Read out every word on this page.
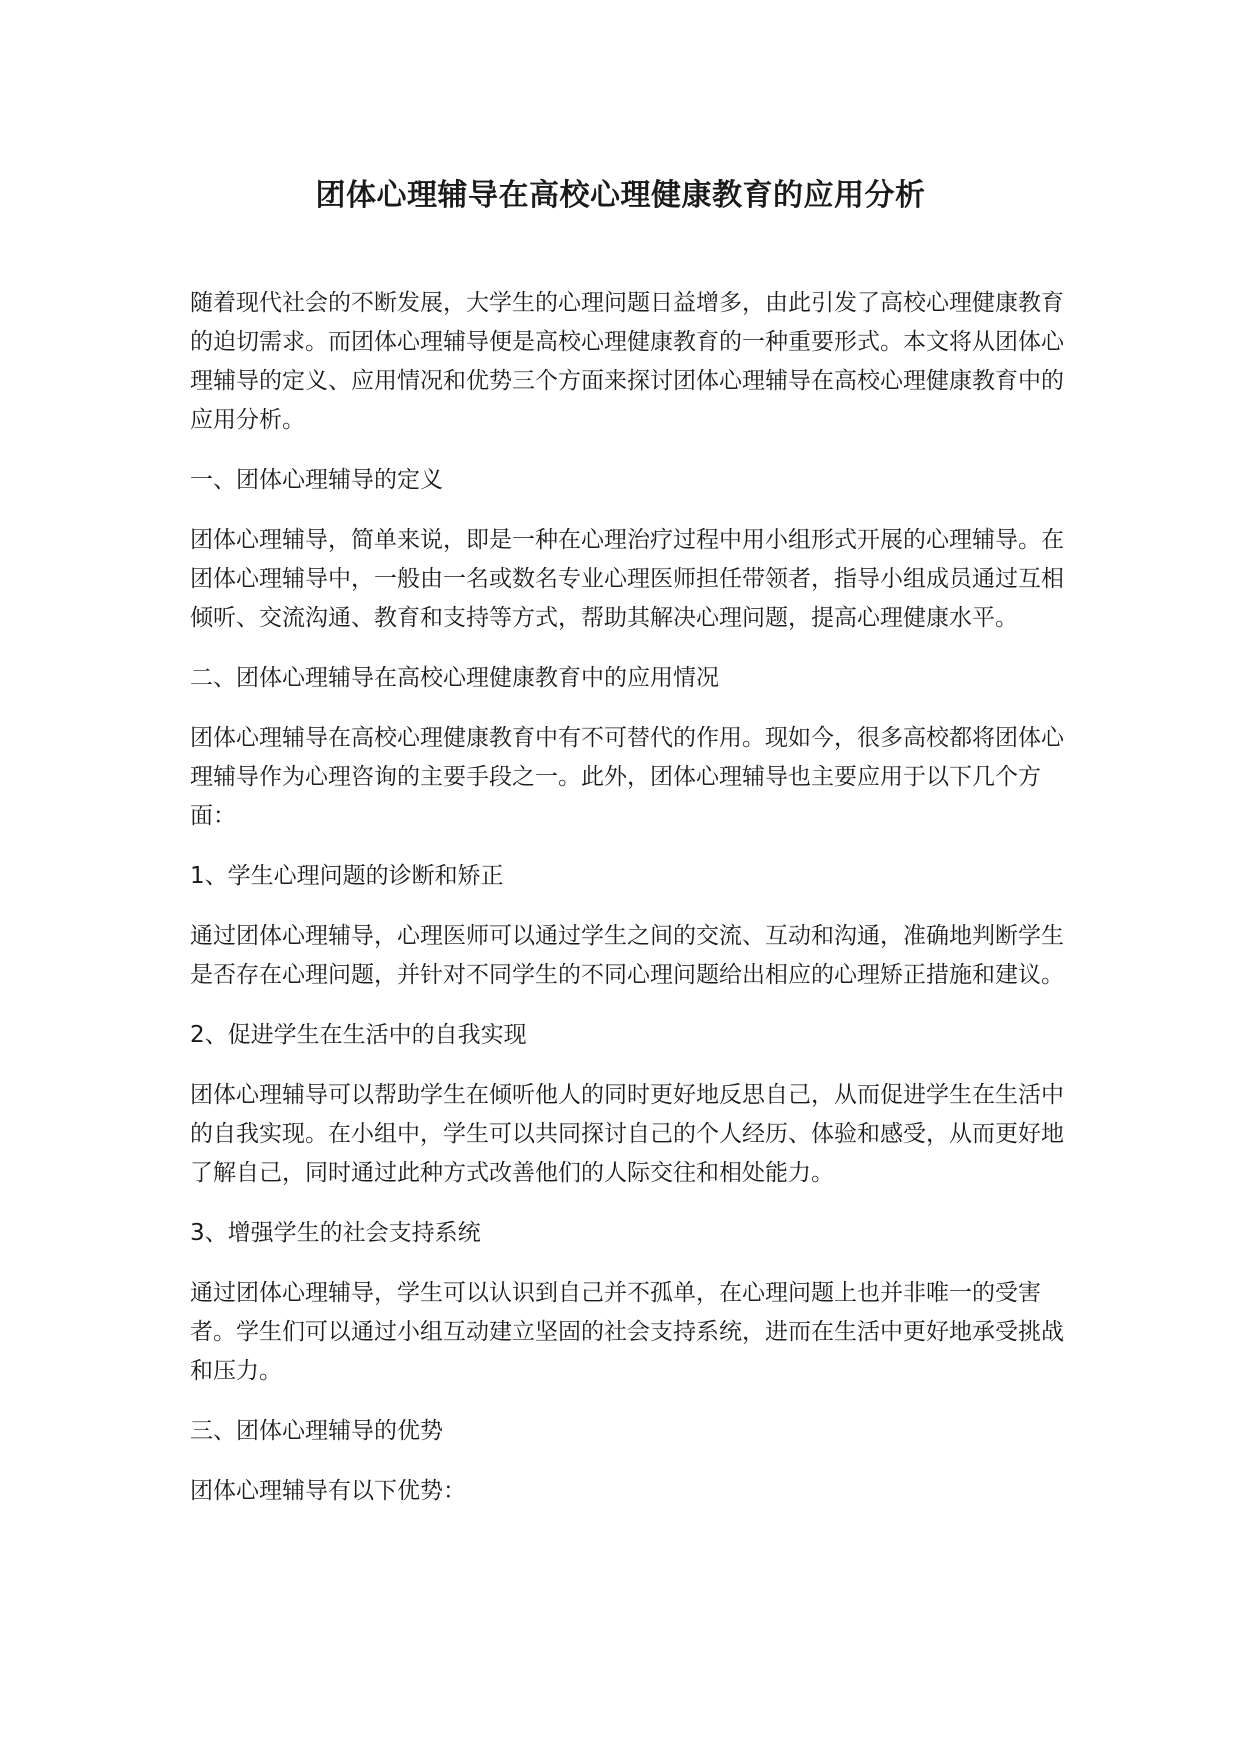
团体心理辅导在高校心理健康教育的应用分析

随着现代社会的不断发展，大学生的心理问题日益增多，由此引发了高校心理健康教育的迫切需求。而团体心理辅导便是高校心理健康教育的一种重要形式。本文将从团体心理辅导的定义、应用情况和优势三个方面来探讨团体心理辅导在高校心理健康教育中的应用分析。

一、团体心理辅导的定义

团体心理辅导，简单来说，即是一种在心理治疗过程中用小组形式开展的心理辅导。在团体心理辅导中，一般由一名或数名专业心理医师担任带领者，指导小组成员通过互相倾听、交流沟通、教育和支持等方式，帮助其解决心理问题，提高心理健康水平。

二、团体心理辅导在高校心理健康教育中的应用情况

团体心理辅导在高校心理健康教育中有不可替代的作用。现如今，很多高校都将团体心理辅导作为心理咨询的主要手段之一。此外，团体心理辅导也主要应用于以下几个方面：

1、学生心理问题的诊断和矫正

通过团体心理辅导，心理医师可以通过学生之间的交流、互动和沟通，准确地判断学生是否存在心理问题，并针对不同学生的不同心理问题给出相应的心理矫正措施和建议。

2、促进学生在生活中的自我实现

团体心理辅导可以帮助学生在倾听他人的同时更好地反思自己，从而促进学生在生活中的自我实现。在小组中，学生可以共同探讨自己的个人经历、体验和感受，从而更好地了解自己，同时通过此种方式改善他们的人际交往和相处能力。

3、增强学生的社会支持系统

通过团体心理辅导，学生可以认识到自己并不孤单，在心理问题上也并非唯一的受害者。学生们可以通过小组互动建立坚固的社会支持系统，进而在生活中更好地承受挑战和压力。

三、团体心理辅导的优势

团体心理辅导有以下优势：
